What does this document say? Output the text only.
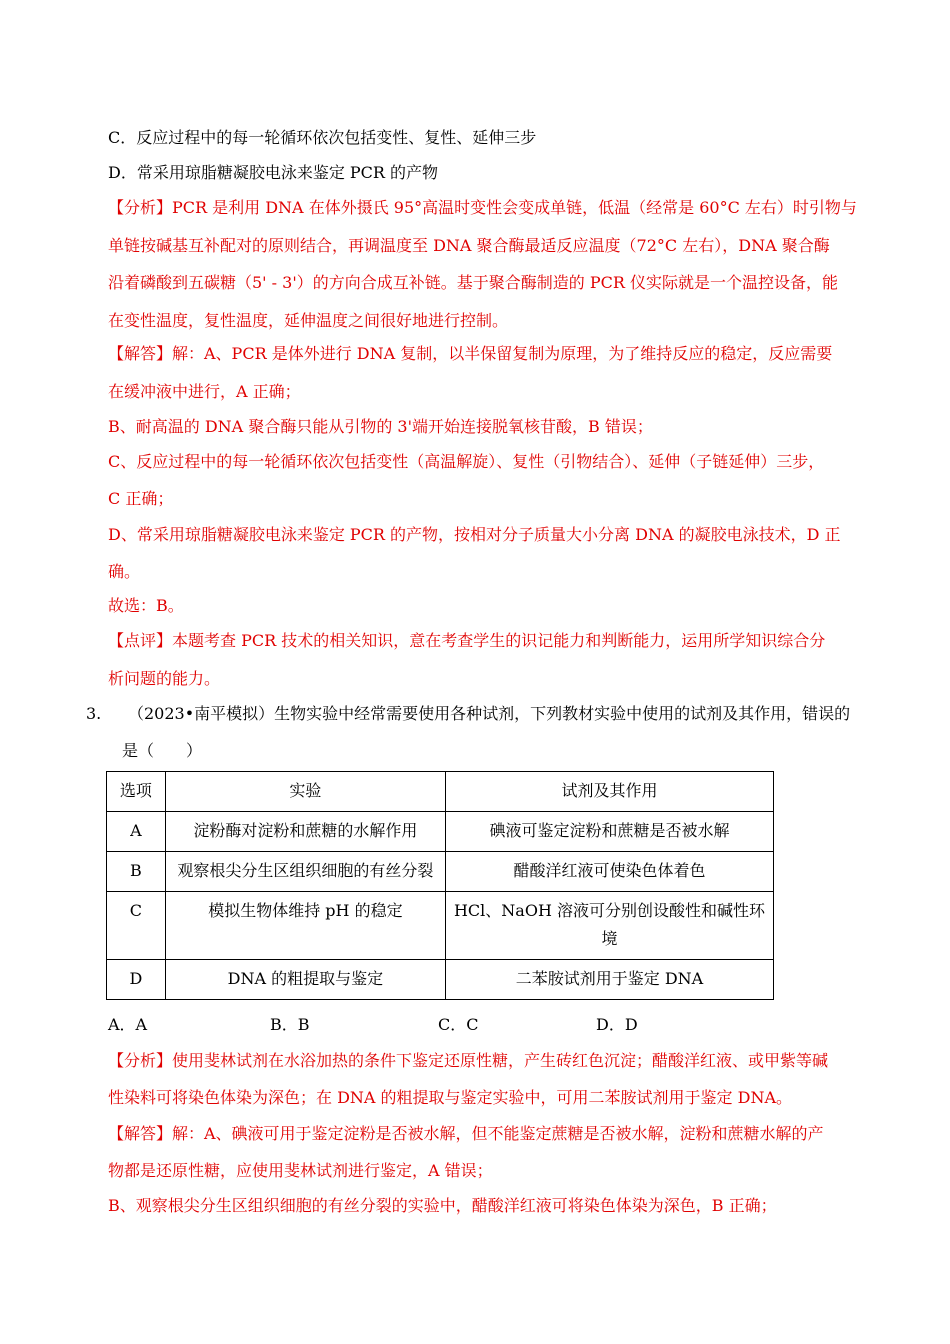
C．反应过程中的每一轮循环依次包括变性、复性、延伸三步
D．常采用琼脂糖凝胶电泳来鉴定 PCR 的产物
【分析】PCR 是利用 DNA 在体外摄氏 95°高温时变性会变成单链，低温（经常是 60°C 左右）时引物与
单链按碱基互补配对的原则结合，再调温度至 DNA 聚合酶最适反应温度（72°C 左右），DNA 聚合酶
沿着磷酸到五碳糖（5' - 3'）的方向合成互补链。基于聚合酶制造的 PCR 仪实际就是一个温控设备，能
在变性温度，复性温度，延伸温度之间很好地进行控制。
【解答】解：A、PCR 是体外进行 DNA 复制，以半保留复制为原理，为了维持反应的稳定，反应需要
在缓冲液中进行，A 正确；
B、耐高温的 DNA 聚合酶只能从引物的 3'端开始连接脱氧核苷酸，B 错误；
C、反应过程中的每一轮循环依次包括变性（高温解旋）、复性（引物结合）、延伸（子链延伸）三步，
C 正确；
D、常采用琼脂糖凝胶电泳来鉴定 PCR 的产物，按相对分子质量大小分离 DNA 的凝胶电泳技术，D 正
确。
故选：B。
【点评】本题考查 PCR 技术的相关知识，意在考查学生的识记能力和判断能力，运用所学知识综合分
析问题的能力。
3. （2023•南平模拟）生物实验中经常需要使用各种试剂，下列教材实验中使用的试剂及其作用，错误的
是（　　）
选项	实验	试剂及其作用

A	淀粉酶对淀粉和蔗糖的水解作用	碘液可鉴定淀粉和蔗糖是否被水解

B	观察根尖分生区组织细胞的有丝分裂	醋酸洋红液可使染色体着色

C	模拟生物体维持 pH 的稳定	HCl、NaOH 溶液可分别创设酸性和碱性环
境

D	DNA 的粗提取与鉴定	二苯胺试剂用于鉴定 DNA
A．A	B．B	C．C	D．D
【分析】使用斐林试剂在水浴加热的条件下鉴定还原性糖，产生砖红色沉淀；醋酸洋红液、或甲紫等碱
性染料可将染色体染为深色；在 DNA 的粗提取与鉴定实验中，可用二苯胺试剂用于鉴定 DNA。
【解答】解：A、碘液可用于鉴定淀粉是否被水解，但不能鉴定蔗糖是否被水解，淀粉和蔗糖水解的产
物都是还原性糖，应使用斐林试剂进行鉴定，A 错误；
B、观察根尖分生区组织细胞的有丝分裂的实验中，醋酸洋红液可将染色体染为深色，B 正确；
